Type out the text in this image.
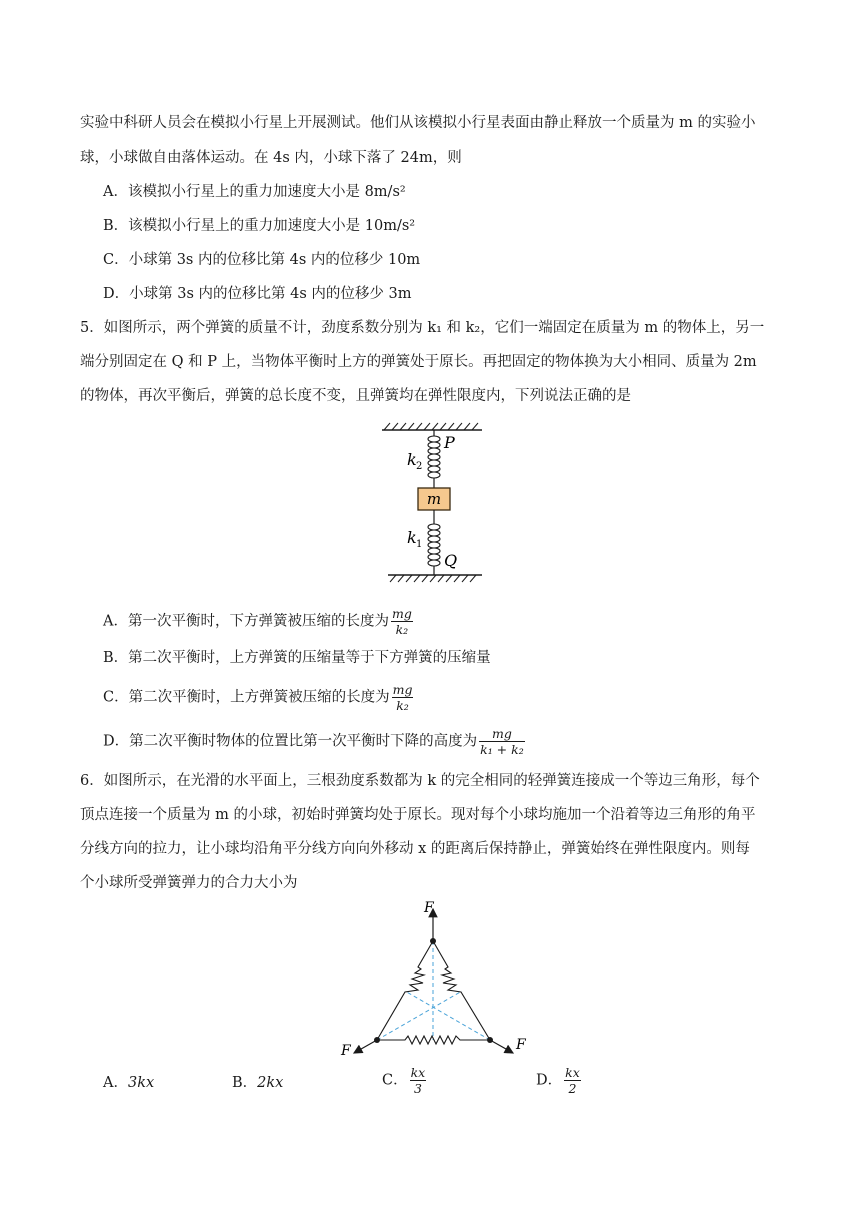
实验中科研人员会在模拟小行星上开展测试。他们从该模拟小行星表面由静止释放一个质量为 m 的实验小
球，小球做自由落体运动。在 4s 内，小球下落了 24m，则
A．该模拟小行星上的重力加速度大小是 8m/s²
B．该模拟小行星上的重力加速度大小是 10m/s²
C．小球第 3s 内的位移比第 4s 内的位移少 10m
D．小球第 3s 内的位移比第 4s 内的位移少 3m
5．如图所示，两个弹簧的质量不计，劲度系数分别为 k₁ 和 k₂，它们一端固定在质量为 m 的物体上，另一
端分别固定在 Q 和 P 上，当物体平衡时上方的弹簧处于原长。再把固定的物体换为大小相同、质量为 2m
的物体，再次平衡后，弹簧的总长度不变，且弹簧均在弹性限度内，下列说法正确的是
m
P
Q
k 2
k 1
A．第一次平衡时，下方弹簧被压缩的长度为 $\frac{mg}{\text{k₂}}$
B．第二次平衡时，上方弹簧的压缩量等于下方弹簧的压缩量
C．第二次平衡时，上方弹簧被压缩的长度为 $\frac{mg}{\text{k₂}}$
D．第二次平衡时物体的位置比第一次平衡时下降的高度为 $\frac{mg}{\text{k₁ + k₂}}$
6．如图所示，在光滑的水平面上，三根劲度系数都为 k 的完全相同的轻弹簧连接成一个等边三角形，每个
顶点连接一个质量为 m 的小球，初始时弹簧均处于原长。现对每个小球均施加一个沿着等边三角形的角平
分线方向的拉力，让小球均沿角平分线方向向外移动 x 的距离后保持静止，弹簧始终在弹性限度内。则每
个小球所受弹簧弹力的合力大小为
F
F	F
A．3kx	B．2kx	C． $\frac{kx}{3}$	D． $\frac{kx}{2}$
